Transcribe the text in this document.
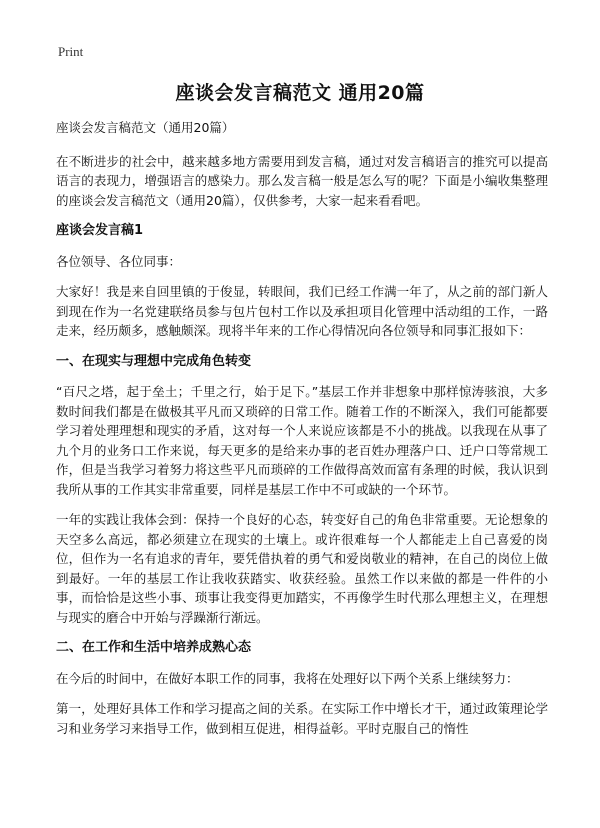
Print
座谈会发言稿范文 通用20篇

座谈会发言稿范文（通用20篇）

在不断进步的社会中，越来越多地方需要用到发言稿，通过对发言稿语言的推究可以提高语言的表现力，增强语言的感染力。那么发言稿一般是怎么写的呢？下面是小编收集整理的座谈会发言稿范文（通用20篇），仅供参考，大家一起来看看吧。

座谈会发言稿1

各位领导、各位同事：

大家好！我是来自回里镇的于俊显，转眼间，我们已经工作满一年了，从之前的部门新人到现在作为一名党建联络员参与包片包村工作以及承担项目化管理中活动组的工作，一路走来，经历颇多，感触颇深。现将半年来的工作心得情况向各位领导和同事汇报如下：

一、在现实与理想中完成角色转变

“百尺之塔，起于垒土；千里之行，始于足下。”基层工作并非想象中那样惊涛骇浪，大多数时间我们都是在做极其平凡而又琐碎的日常工作。随着工作的不断深入，我们可能都要学习着处理理想和现实的矛盾，这对每一个人来说应该都是不小的挑战。以我现在从事了九个月的业务口工作来说，每天更多的是给来办事的老百姓办理落户口、迁户口等常规工作，但是当我学习着努力将这些平凡而琐碎的工作做得高效而富有条理的时候，我认识到我所从事的工作其实非常重要，同样是基层工作中不可或缺的一个环节。

一年的实践让我体会到：保持一个良好的心态，转变好自己的角色非常重要。无论想象的天空多么高远，都必须建立在现实的土壤上。或许很难每一个人都能走上自己喜爱的岗位，但作为一名有追求的青年，要凭借执着的勇气和爱岗敬业的精神，在自己的岗位上做到最好。一年的基层工作让我收获踏实、收获经验。虽然工作以来做的都是一件件的小事，而恰恰是这些小事、琐事让我变得更加踏实，不再像学生时代那么理想主义，在理想与现实的磨合中开始与浮躁渐行渐远。

二、在工作和生活中培养成熟心态

在今后的时间中，在做好本职工作的同事，我将在处理好以下两个关系上继续努力：

第一，处理好具体工作和学习提高之间的关系。在实际工作中增长才干，通过政策理论学习和业务学习来指导工作，做到相互促进，相得益彰。平时克服自己的惰性
